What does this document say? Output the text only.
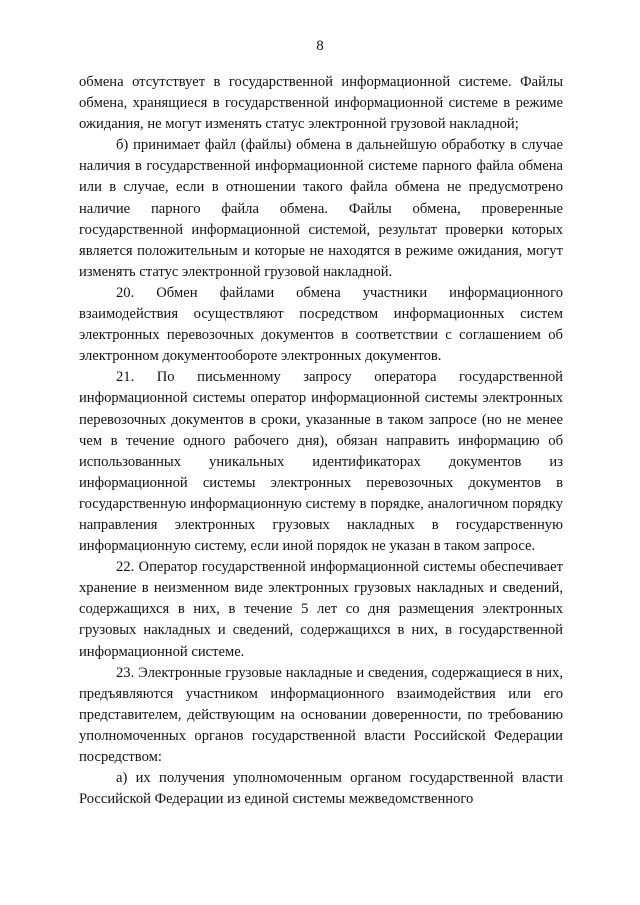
8

обмена отсутствует в государственной информационной системе. Файлы обмена, хранящиеся в государственной информационной системе в режиме ожидания, не могут изменять статус электронной грузовой накладной;

б) принимает файл (файлы) обмена в дальнейшую обработку в случае наличия в государственной информационной системе парного файла обмена или в случае, если в отношении такого файла обмена не предусмотрено наличие парного файла обмена. Файлы обмена, проверенные государственной информационной системой, результат проверки которых является положительным и которые не находятся в режиме ожидания, могут изменять статус электронной грузовой накладной.

20. Обмен файлами обмена участники информационного взаимодействия осуществляют посредством информационных систем электронных перевозочных документов в соответствии с соглашением об электронном документообороте электронных документов.

21. По письменному запросу оператора государственной информационной системы оператор информационной системы электронных перевозочных документов в сроки, указанные в таком запросе (но не менее чем в течение одного рабочего дня), обязан направить информацию об использованных уникальных идентификаторах документов из информационной системы электронных перевозочных документов в государственную информационную систему в порядке, аналогичном порядку направления электронных грузовых накладных в государственную информационную систему, если иной порядок не указан в таком запросе.

22. Оператор государственной информационной системы обеспечивает хранение в неизменном виде электронных грузовых накладных и сведений, содержащихся в них, в течение 5 лет со дня размещения электронных грузовых накладных и сведений, содержащихся в них, в государственной информационной системе.

23. Электронные грузовые накладные и сведения, содержащиеся в них, предъявляются участником информационного взаимодействия или его представителем, действующим на основании доверенности, по требованию уполномоченных органов государственной власти Российской Федерации посредством:

а) их получения уполномоченным органом государственной власти Российской Федерации из единой системы межведомственного
